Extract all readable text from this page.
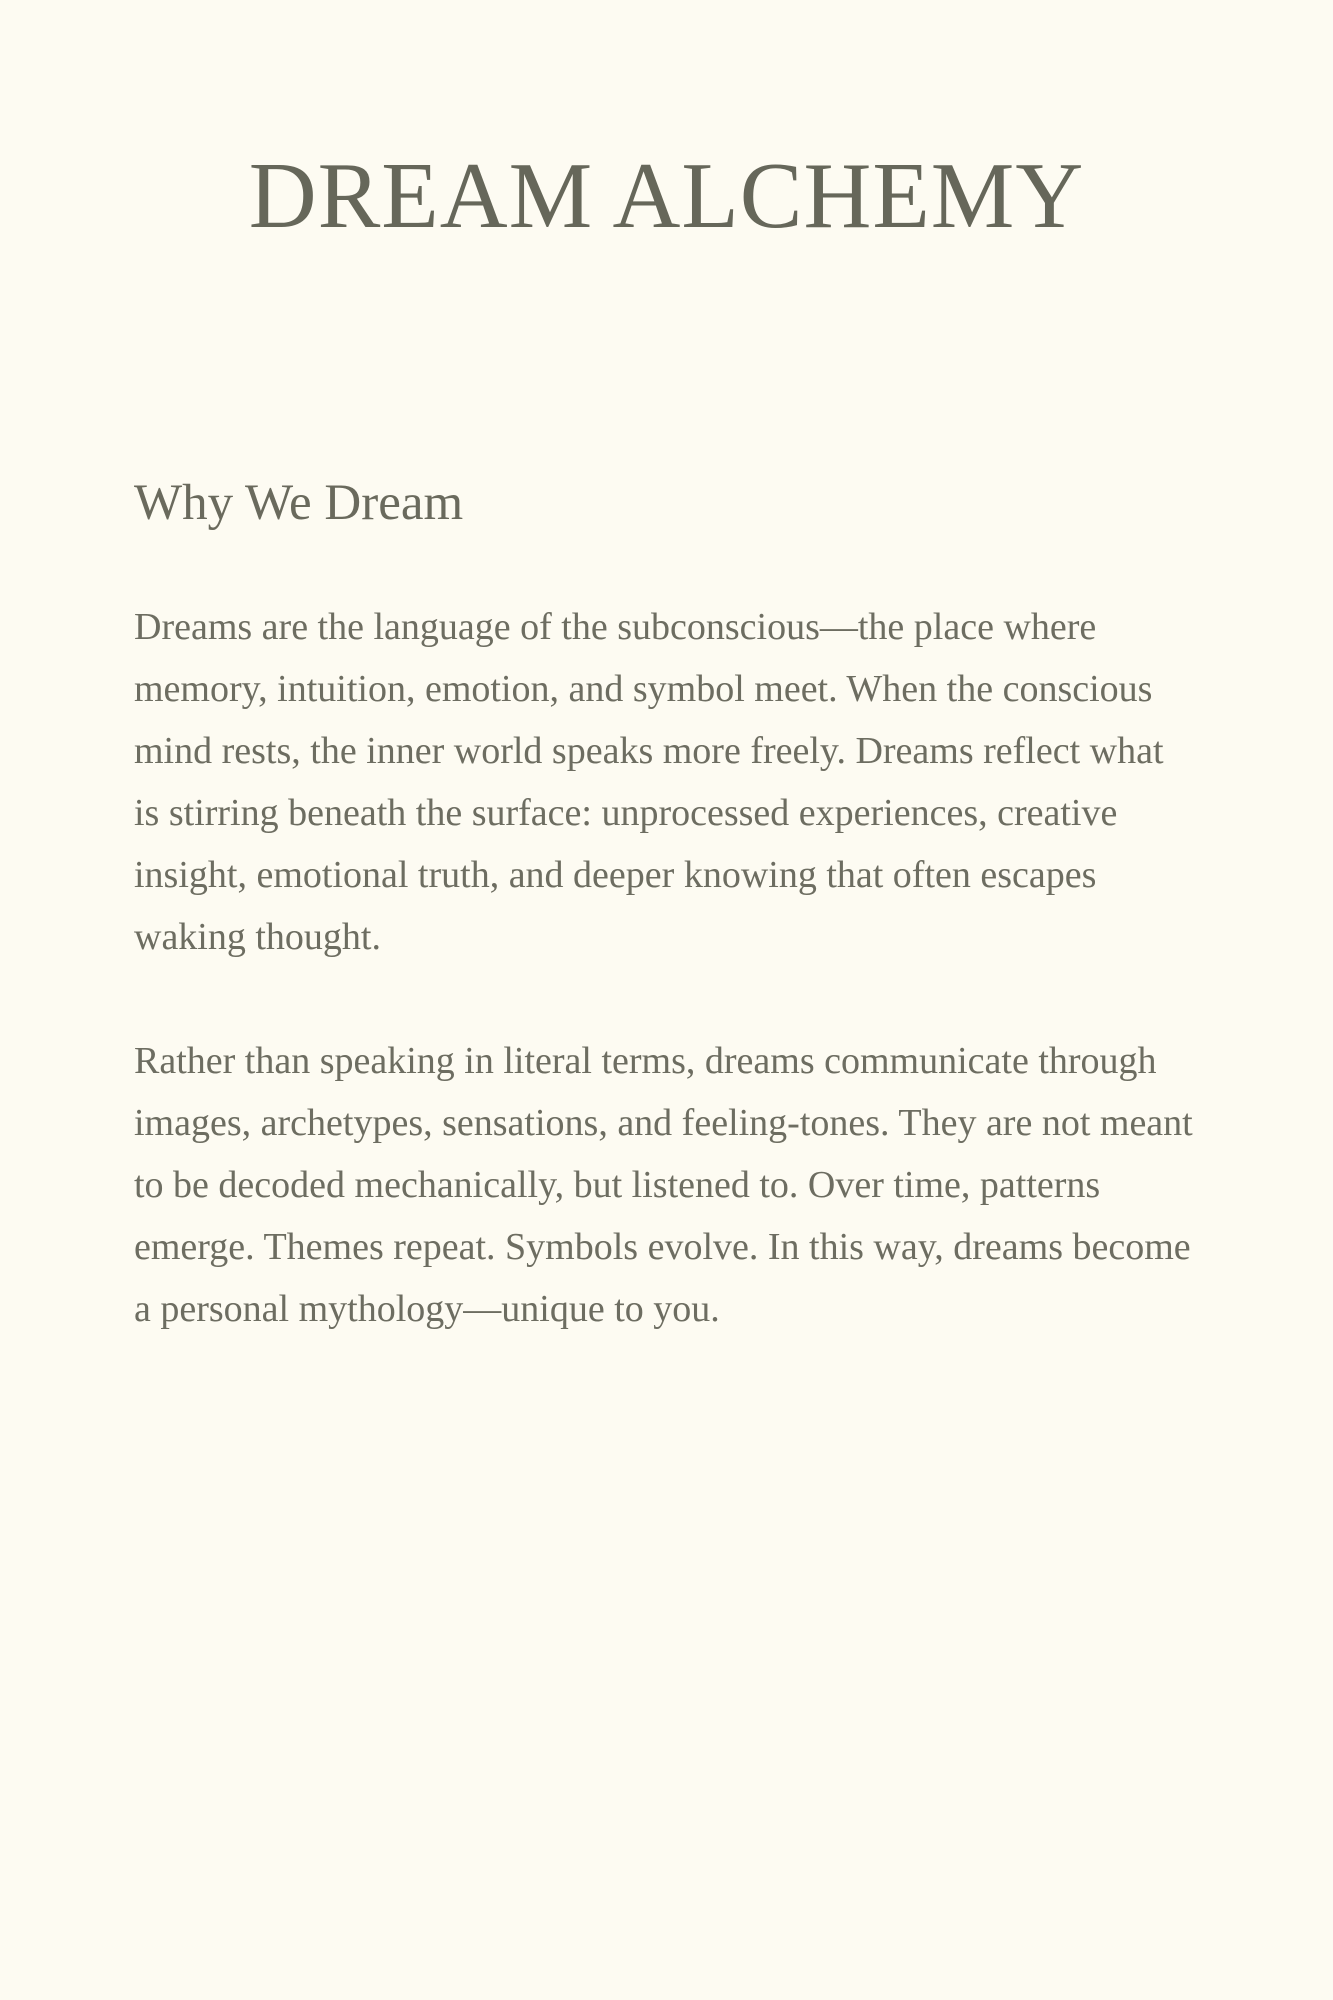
DREAM ALCHEMY
Why We Dream

Dreams are the language of the subconscious—the place where memory, intuition, emotion, and symbol meet. When the conscious mind rests, the inner world speaks more freely. Dreams reflect what is stirring beneath the surface: unprocessed experiences, creative insight, emotional truth, and deeper knowing that often escapes waking thought.

Rather than speaking in literal terms, dreams communicate through images, archetypes, sensations, and feeling-tones. They are not meant to be decoded mechanically, but listened to. Over time, patterns emerge. Themes repeat. Symbols evolve. In this way, dreams become a personal mythology—unique to you.
